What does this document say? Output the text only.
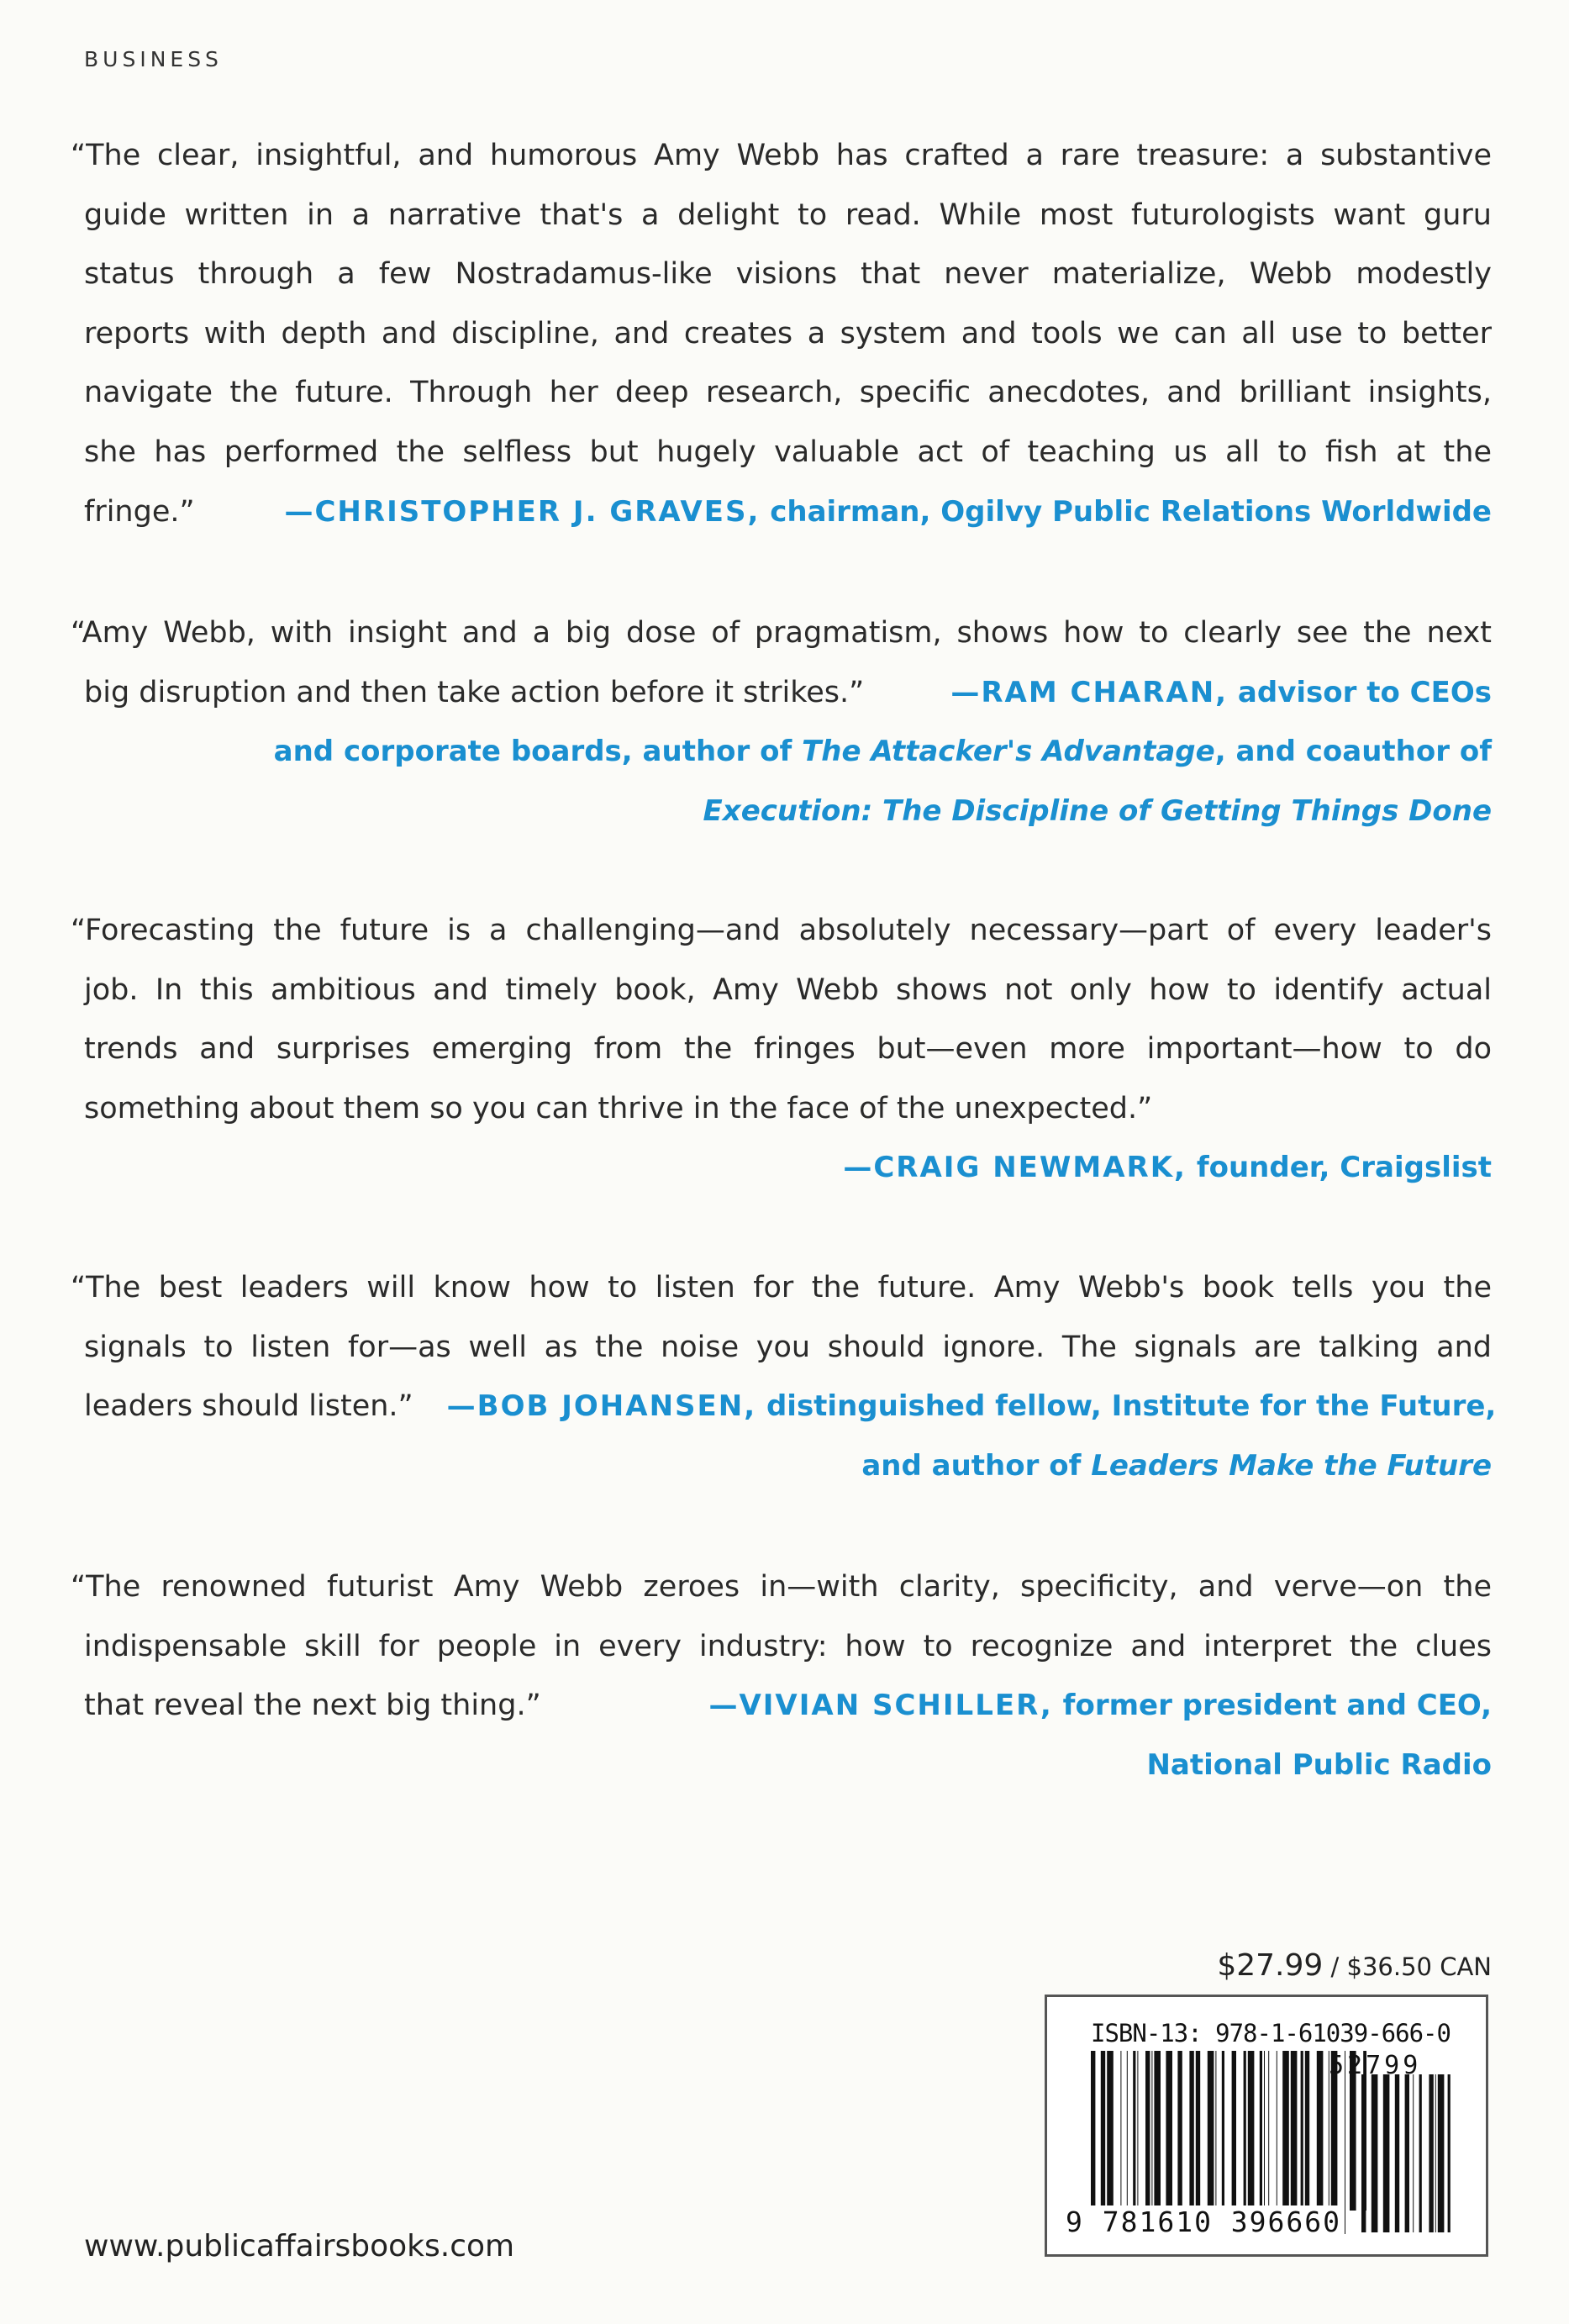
BUSINESS
“The clear, insightful, and humorous Amy Webb has crafted a rare treasure: a substantive
guide written in a narrative that's a delight to read. While most futurologists want guru
status through a few Nostradamus-like visions that never materialize, Webb modestly
reports with depth and discipline, and creates a system and tools we can all use to better
navigate the future. Through her deep research, specific anecdotes, and brilliant insights,
she has performed the selfless but hugely valuable act of teaching us all to fish at the
fringe.”	—CHRISTOPHER J. GRAVES, chairman, Ogilvy Public Relations Worldwide
“Amy Webb, with insight and a big dose of pragmatism, shows how to clearly see the next
big disruption and then take action before it strikes.”	—RAM CHARAN, advisor to CEOs
and corporate boards, author of The Attacker's Advantage, and coauthor of
Execution: The Discipline of Getting Things Done
“Forecasting the future is a challenging—and absolutely necessary—part of every leader's
job. In this ambitious and timely book, Amy Webb shows not only how to identify actual
trends and surprises emerging from the fringes but—even more important—how to do
something about them so you can thrive in the face of the unexpected.”
—CRAIG NEWMARK, founder, Craigslist
“The best leaders will know how to listen for the future. Amy Webb's book tells you the
signals to listen for—as well as the noise you should ignore. The signals are talking and
leaders should listen.” —BOB JOHANSEN, distinguished fellow, Institute for the Future,
and author of Leaders Make the Future
“The renowned futurist Amy Webb zeroes in—with clarity, specificity, and verve—on the
indispensable skill for people in every industry: how to recognize and interpret the clues
that reveal the next big thing.”	—VIVIAN SCHILLER, former president and CEO,
National Public Radio
$27.99 / $36.50 CAN
ISBN-13: 978-1-61039-666-0
52799
9 781610 396660
www.publicaffairsbooks.com
